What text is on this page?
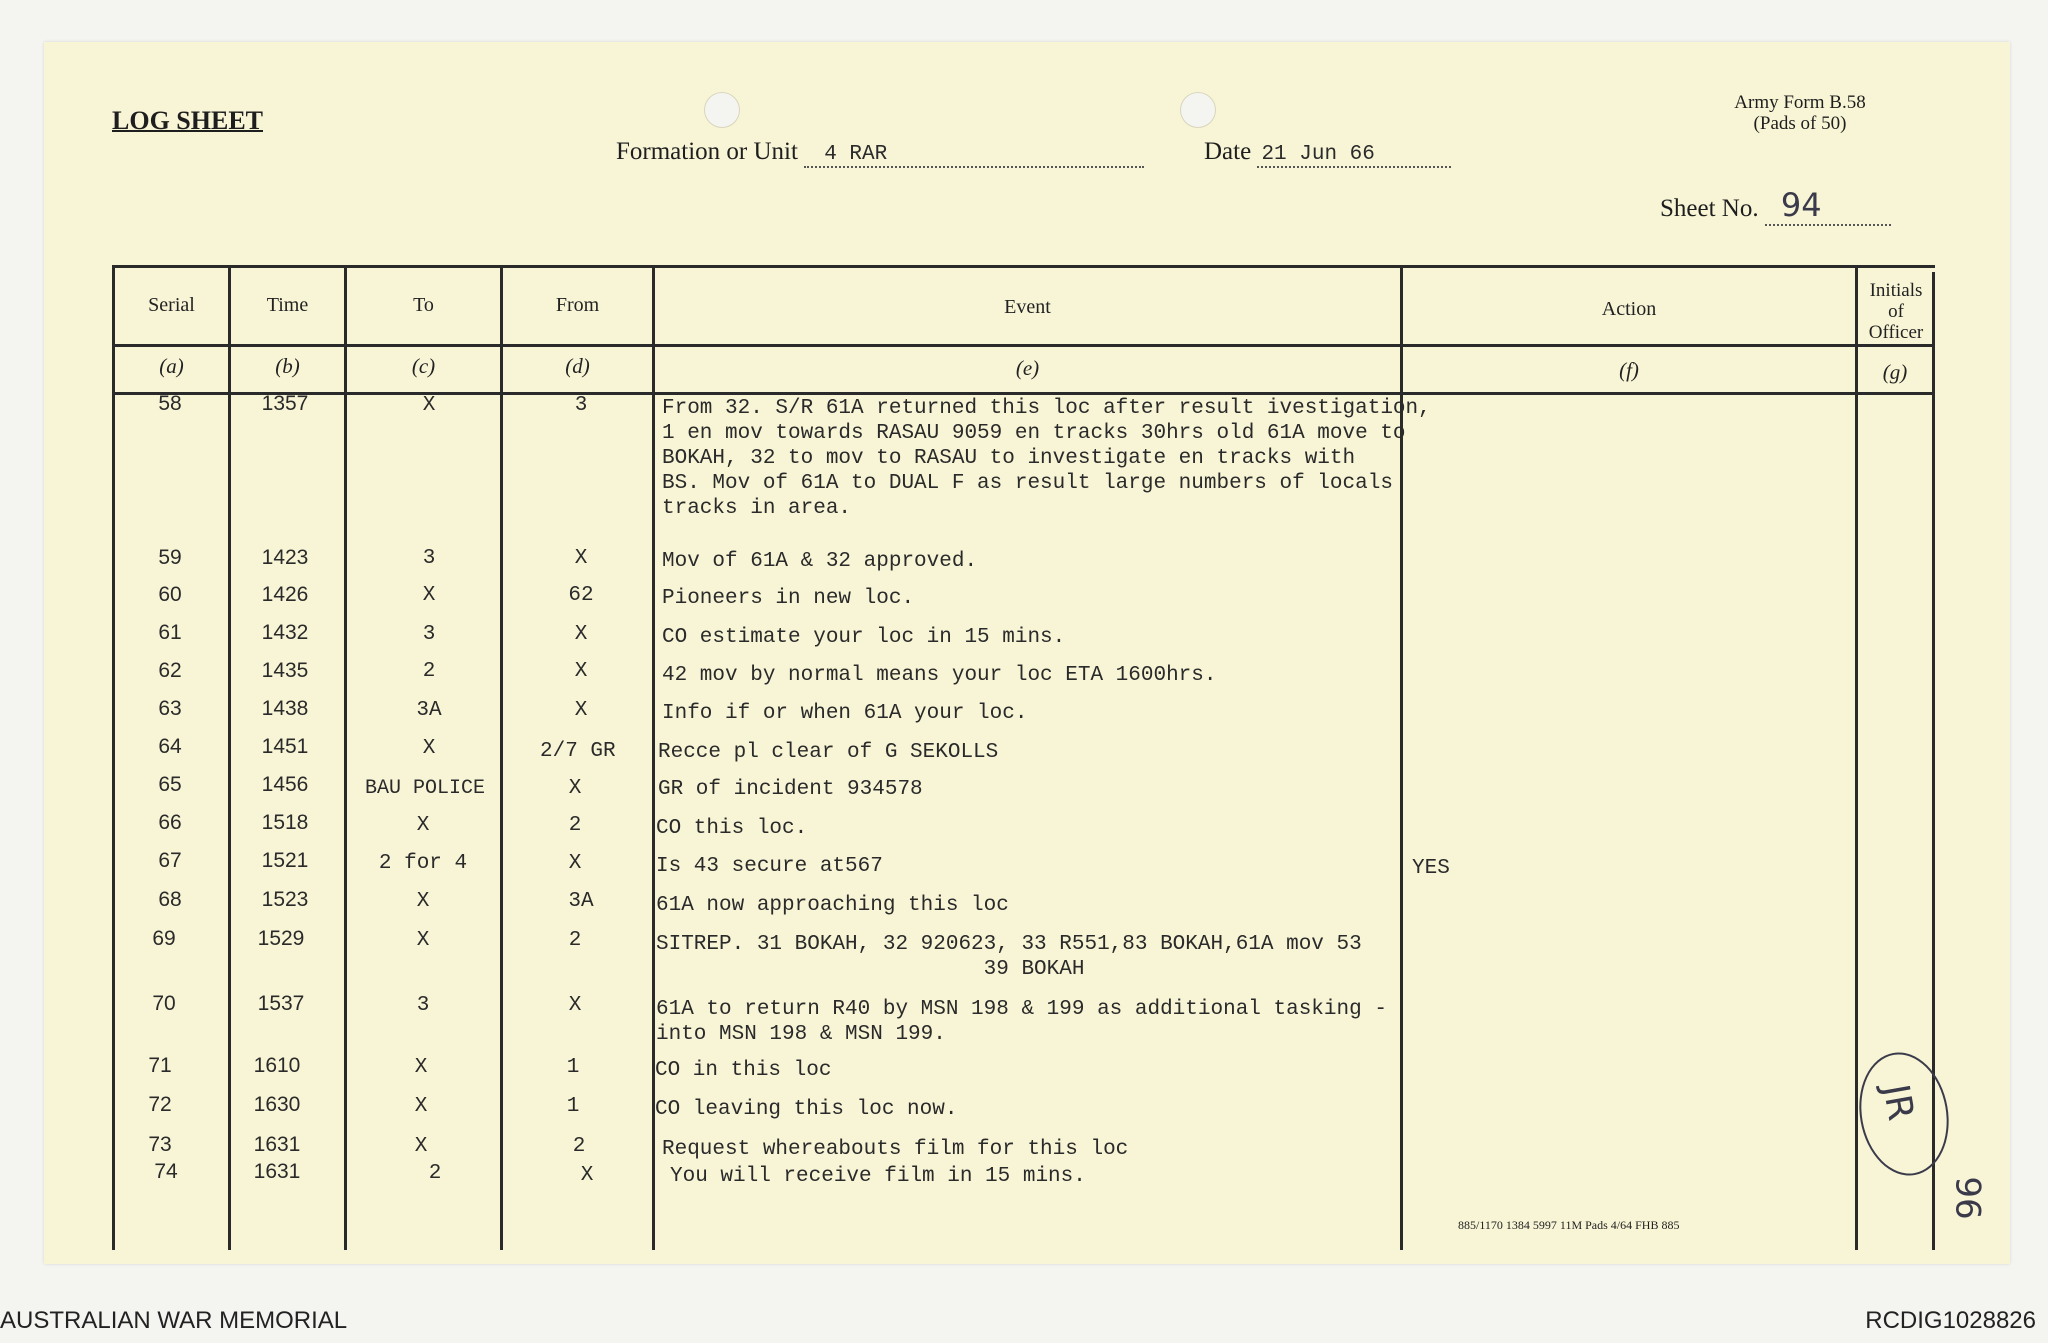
LOG SHEET
Formation or Unit 4 RAR	Date 21 Jun 66
Army Form B.58
(Pads of 50)
Sheet No. 94
Serial	Time	To	From	Event	Action
Initials of Officer
(a)	(b)	(c)	(d)	(e)	(f)	(g)
58	1357	X	3	From 32. S/R 61A returned this loc after result ivestigation,
1 en mov towards RASAU 9059 en tracks 30hrs old 61A move to
BOKAH, 32 to mov to RASAU to investigate en tracks with
BS. Mov of 61A to DUAL F as result large numbers of locals
tracks in area.
59	1423	3	X	Mov of 61A & 32 approved.
60	1426	X	62	Pioneers in new loc.
61	1432	3	X	CO estimate your loc in 15 mins.
62	1435	2	X	42 mov by normal means your loc ETA 1600hrs.
63	1438	3A	X	Info if or when 61A your loc.
64	1451	X	2/7 GR	Recce pl clear of G SEKOLLS
65	1456	BAU POLICE	X	GR of incident 934578
66	1518	X	2	CO this loc.
67	1521	2 for 4	X	Is 43 secure at567	YES
68	1523	X	3A	61A now approaching this loc
69	1529	X	2	SITREP. 31 BOKAH, 32 920623, 33 R551,83 BOKAH,61A mov 53
39 BOKAH
70	1537	3	X	61A to return R40 by MSN 198 & 199 as additional tasking -
into MSN 198 & MSN 199.
71	1610	X	1	CO in this loc
72	1630	X	1	CO leaving this loc now.
73	1631	X	2	Request whereabouts film for this loc
74	1631	2	X	You will receive film in 15 mins.
885/1170 1384 5997 11M Pads 4/64 FHB 885
JR
96
AUSTRALIAN WAR MEMORIAL	RCDIG1028826
